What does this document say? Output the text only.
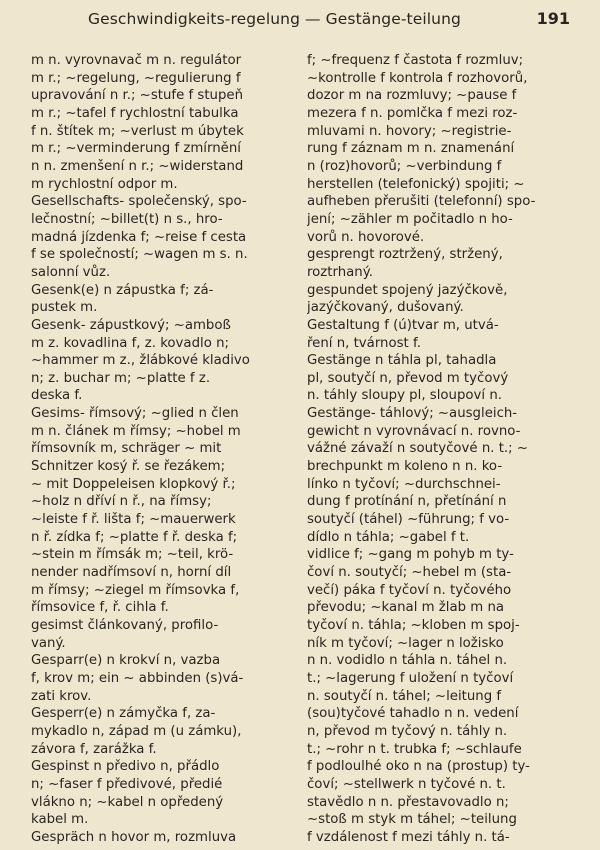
Geschwindigkeits-regelung — Gestänge-teilung	191
m n. vyrovnavač m n. regulátor
m r.; ~regelung, ~regulierung f
upravování n r.; ~stufe f stupeň
m r.; ~tafel f rychlostní tabulka
f n. štítek m; ~verlust m úbytek
m r.; ~verminderung f zmírnění
n n. zmenšení n r.; ~widerstand
m rychlostní odpor m.
Gesellschafts- společenský, spo-
lečnostní; ~billet(t) n s., hro-
madná jízdenka f; ~reise f cesta
f se společností; ~wagen m s. n.
salonní vůz.
Gesenk(e) n zápustka f; zá-
pustek m.
Gesenk- zápustkový; ~amboß
m z. kovadlina f, z. kovadlo n;
~hammer m z., žlábkové kladivo
n; z. buchar m; ~platte f z.
deska f.
Gesims- římsový; ~glied n člen
m n. článek m římsy; ~hobel m
římsovník m, schräger ~ mit
Schnitzer kosý ř. se řezákem;
~ mit Doppeleisen klopkový ř.;
~holz n dříví n ř., na římsy;
~leiste f ř. lišta f; ~mauerwerk
n ř. zídka f; ~platte f ř. deska f;
~stein m římsák m; ~teil, krö-
nender nadřímsoví n, horní díl
m římsy; ~ziegel m římsovka f,
římsovice f, ř. cihla f.
gesimst článkovaný, profilo-
vaný.
Gesparr(e) n krokví n, vazba
f, krov m; ein ~ abbinden (s)vá-
zati krov.
Gesperr(e) n zámyčka f, za-
mykadlo n, západ m (u zámku),
závora f, zarážka f.
Gespinst n předivo n, přádlo
n; ~faser f předivové, předié
vlákno n; ~kabel n opředený
kabel m.
Gespräch n hovor m, rozmluva
f; ~frequenz f častota f rozmluv;
~kontrolle f kontrola f rozhovorů,
dozor m na rozmluvy; ~pause f
mezera f n. pomlčka f mezi roz-
mluvami n. hovory; ~registrie-
rung f záznam m n. znamenání
n (roz)hovorů; ~verbindung f
herstellen (telefonický) spojiti; ~
aufheben přerušiti (telefonní) spo-
jení; ~zähler m počitadlo n ho-
vorů n. hovorové.
gesprengt roztržený, stržený,
roztrhaný.
gespundet spojený jazýčkově,
jazýčkovaný, dušovaný.
Gestaltung f (ú)tvar m, utvá-
ření n, tvárnost f.
Gestänge n táhla pl, tahadla
pl, soutyčí n, převod m tyčový
n. táhly sloupy pl, sloupoví n.
Gestänge- táhlový; ~ausgleich-
gewicht n vyrovnávací n. rovno-
vážné závaží n soutyčové n. t.; ~
brechpunkt m koleno n n. ko-
línko n tyčoví; ~durchschnei-
dung f protínání n, přetínání n
soutyčí (táhel) ~führung; f vo-
dídlo n táhla; ~gabel f t.
vidlice f; ~gang m pohyb m ty-
čoví n. soutyčí; ~hebel m (sta-
večí) páka f tyčoví n. tyčového
převodu; ~kanal m žlab m na
tyčoví n. táhla; ~kloben m spoj-
ník m tyčoví; ~lager n ložisko
n n. vodidlo n táhla n. táhel n.
t.; ~lagerung f uložení n tyčoví
n. soutyčí n. táhel; ~leitung f
(sou)tyčové tahadlo n n. vedení
n, převod m tyčový n. táhly n.
t.; ~rohr n t. trubka f; ~schlaufe
f podloulhé oko n na (prostup) ty-
čoví; ~stellwerk n tyčové n. t.
stavědlo n n. přestavovadlo n;
~stoß m styk m táhel; ~teilung
f vzdálenost f mezi táhly n. tá-
